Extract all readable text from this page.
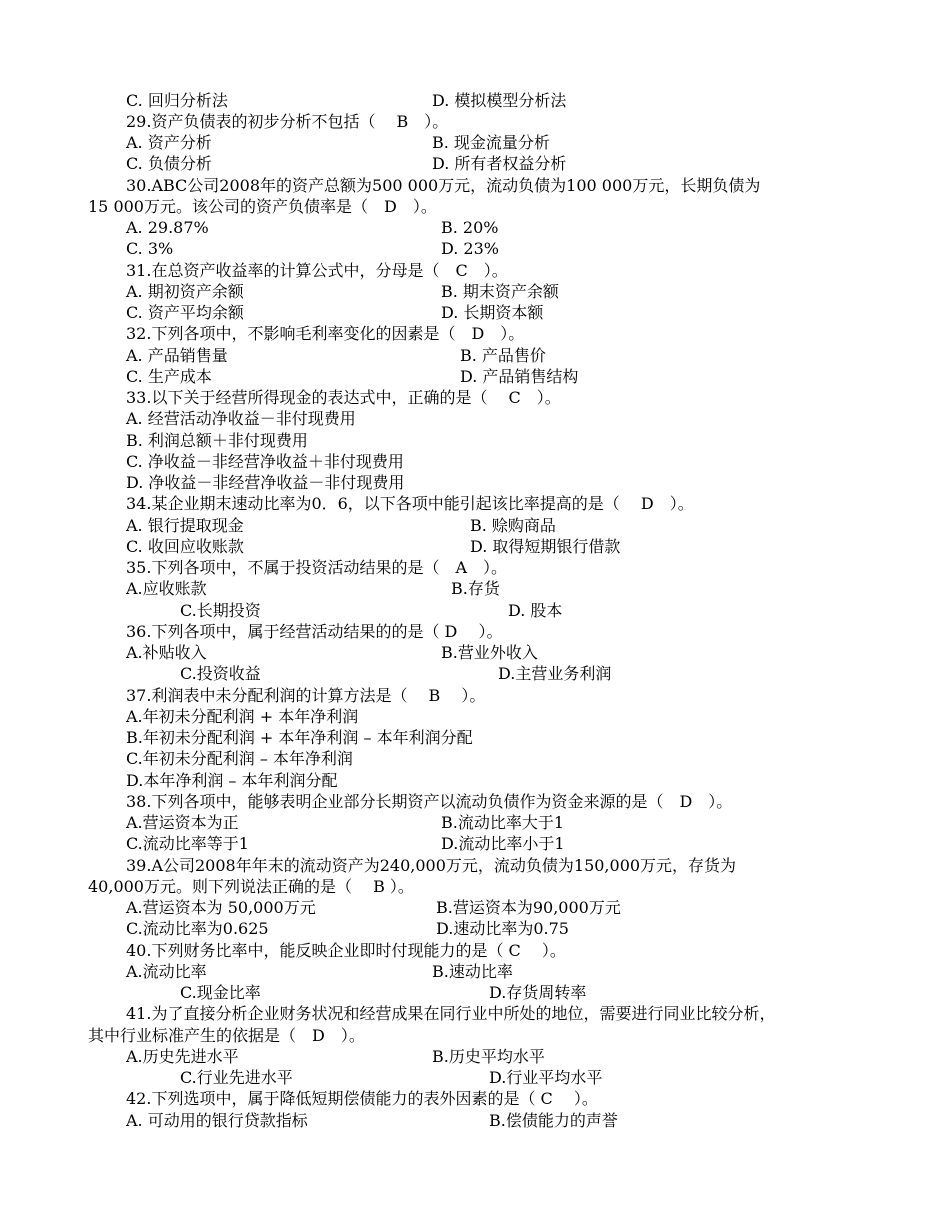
C. 回归分析法	D. 模拟模型分析法
29.资产负债表的初步分析不包括（　 B　）。
A. 资产分析	B. 现金流量分析
C. 负债分析	D. 所有者权益分析
30.ABC公司2008年的资产总额为500 000万元，流动负债为100 000万元，长期负债为
15 000万元。该公司的资产负债率是（　D　）。
A. 29.87%	B. 20%
C. 3%	D. 23%
31.在总资产收益率的计算公式中，分母是（　C　）。
A. 期初资产余额	B. 期末资产余额
C. 资产平均余额	D. 长期资本额
32.下列各项中，不影响毛利率变化的因素是（　D　）。
A. 产品销售量	B. 产品售价
C. 生产成本	D. 产品销售结构
33.以下关于经营所得现金的表达式中，正确的是（　 C　）。
A. 经营活动净收益－非付现费用
B. 利润总额＋非付现费用
C. 净收益－非经营净收益＋非付现费用
D. 净收益－非经营净收益－非付现费用
34.某企业期末速动比率为0．6，以下各项中能引起该比率提高的是（　 D　）。
A. 银行提取现金	B. 赊购商品
C. 收回应收账款	D. 取得短期银行借款
35.下列各项中，不属于投资活动结果的是（　A　）。
A.应收账款	B.存货
C.长期投资	D. 股本
36.下列各项中，属于经营活动结果的的是（ D　 ）。
A.补贴收入	B.营业外收入
C.投资收益	D.主营业务利润
37.利润表中未分配利润的计算方法是（　 B　 ）。
A.年初未分配利润 + 本年净利润
B.年初未分配利润 + 本年净利润 – 本年利润分配
C.年初未分配利润 – 本年净利润
D.本年净利润 – 本年利润分配
38.下列各项中，能够表明企业部分长期资产以流动负债作为资金来源的是（　D　）。
A.营运资本为正	B.流动比率大于1
C.流动比率等于1	D.流动比率小于1
39.A公司2008年年末的流动资产为240,000万元，流动负债为150,000万元，存货为
40,000万元。则下列说法正确的是（　 B ）。
A.营运资本为 50,000万元	B.营运资本为90,000万元
C.流动比率为0.625	D.速动比率为0.75
40.下列财务比率中，能反映企业即时付现能力的是（ C　 ）。
A.流动比率	B.速动比率
C.现金比率	D.存货周转率
41.为了直接分析企业财务状况和经营成果在同行业中所处的地位，需要进行同业比较分析，
其中行业标准产生的依据是（　D　）。
A.历史先进水平	B.历史平均水平
C.行业先进水平	D.行业平均水平
42.下列选项中，属于降低短期偿债能力的表外因素的是（ C　 ）。
A. 可动用的银行贷款指标	B.偿债能力的声誉
